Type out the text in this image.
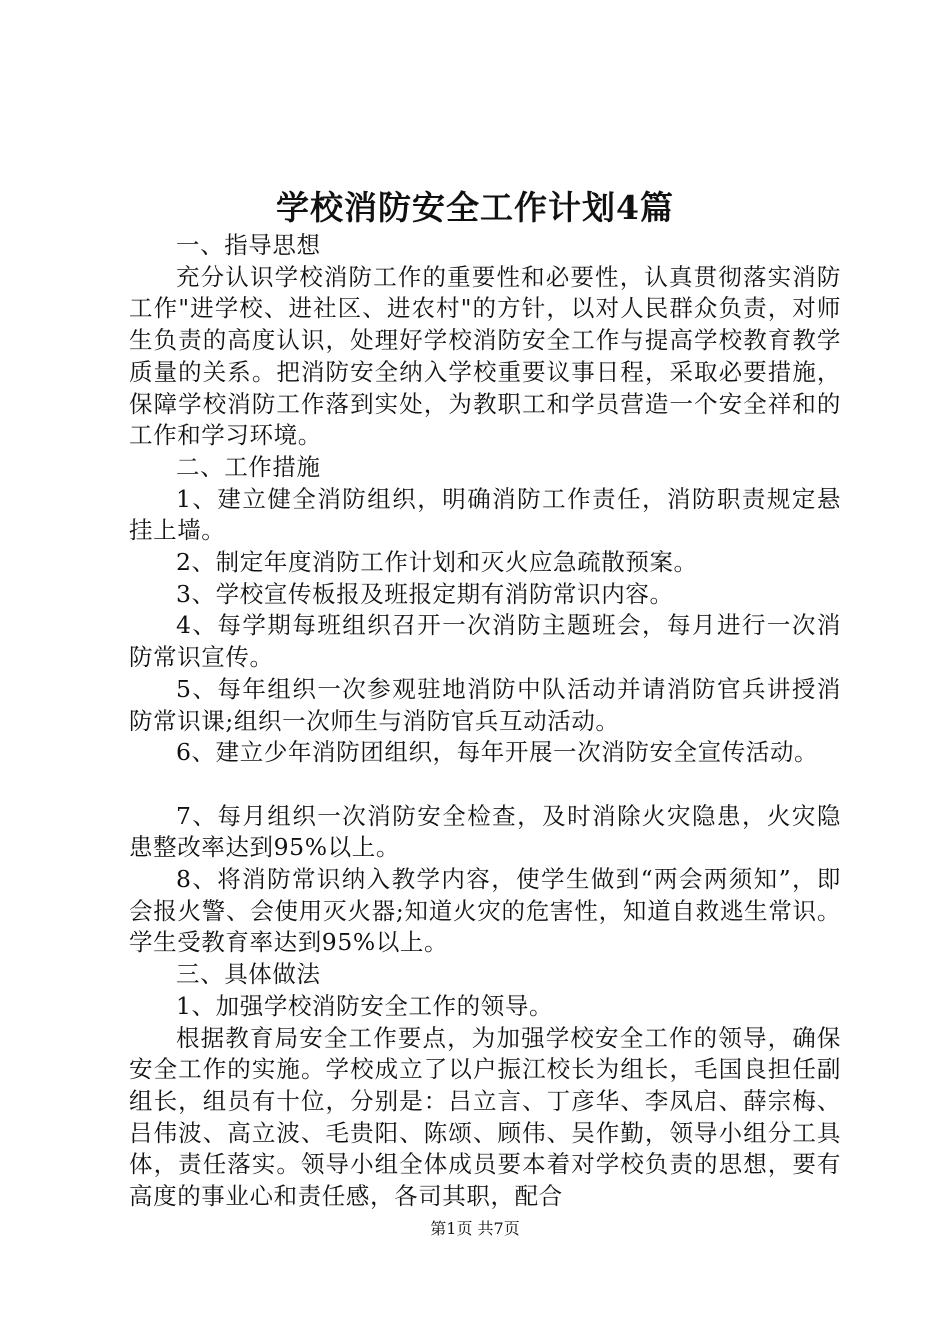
学校消防安全工作计划4篇

一、指导思想

充分认识学校消防工作的重要性和必要性，认真贯彻落实消防工作"进学校、进社区、进农村"的方针，以对人民群众负责，对师生负责的高度认识，处理好学校消防安全工作与提高学校教育教学质量的关系。把消防安全纳入学校重要议事日程，采取必要措施，保障学校消防工作落到实处，为教职工和学员营造一个安全祥和的工作和学习环境。

二、工作措施

1、建立健全消防组织，明确消防工作责任，消防职责规定悬挂上墙。

2、制定年度消防工作计划和灭火应急疏散预案。

3、学校宣传板报及班报定期有消防常识内容。

4、每学期每班组织召开一次消防主题班会，每月进行一次消防常识宣传。

5、每年组织一次参观驻地消防中队活动并请消防官兵讲授消防常识课;组织一次师生与消防官兵互动活动。

6、建立少年消防团组织，每年开展一次消防安全宣传活动。

7、每月组织一次消防安全检查，及时消除火灾隐患，火灾隐患整改率达到95%以上。

8、将消防常识纳入教学内容，使学生做到“两会两须知”，即会报火警、会使用灭火器;知道火灾的危害性，知道自救逃生常识。学生受教育率达到95%以上。

三、具体做法

1、加强学校消防安全工作的领导。

根据教育局安全工作要点，为加强学校安全工作的领导，确保安全工作的实施。学校成立了以户振江校长为组长，毛国良担任副组长，组员有十位，分别是：吕立言、丁彦华、李凤启、薛宗梅、吕伟波、高立波、毛贵阳、陈颂、顾伟、吴作勤，领导小组分工具体，责任落实。领导小组全体成员要本着对学校负责的思想，要有高度的事业心和责任感，各司其职，配合

第1页 共7页
